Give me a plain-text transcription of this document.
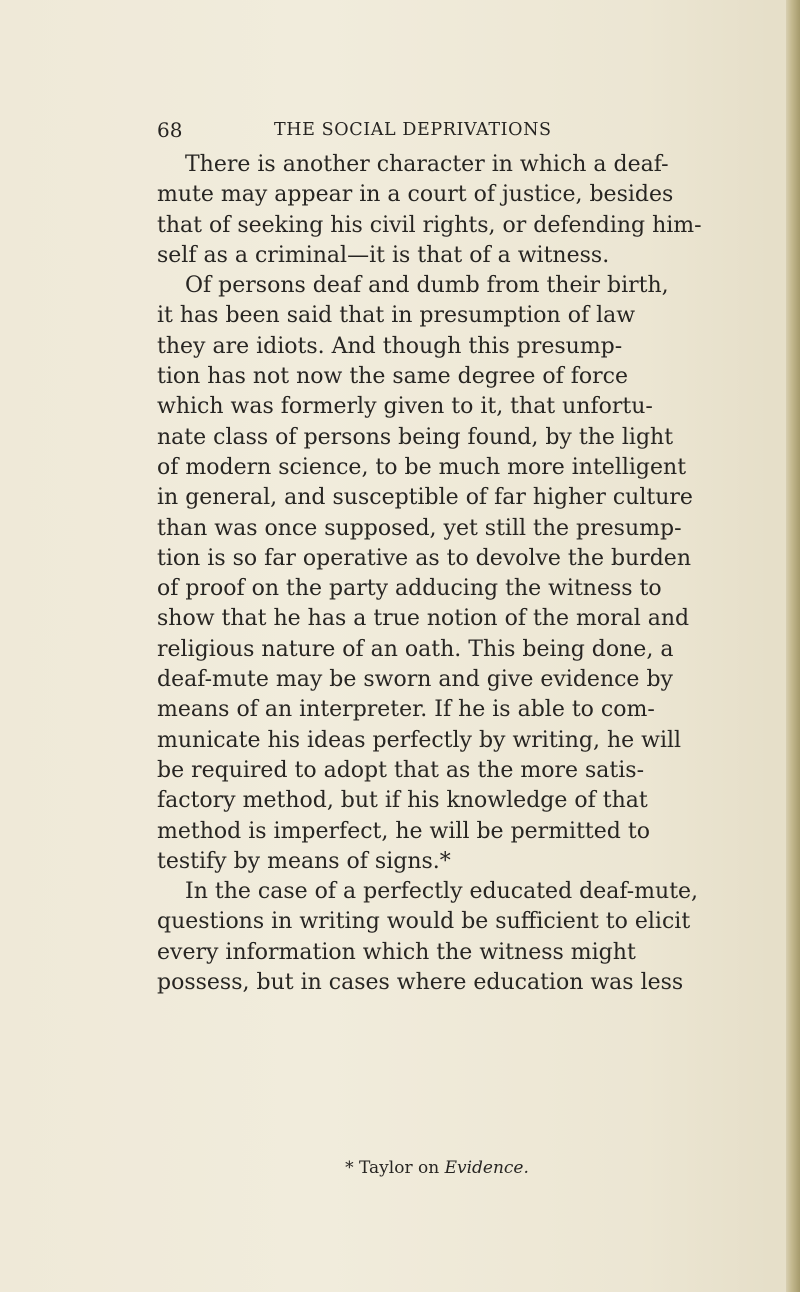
68	THE SOCIAL DEPRIVATIONS
There is another character in which a deaf-
mute may appear in a court of justice, besides
that of seeking his civil rights, or defending him-
self as a criminal—it is that of a witness.
Of persons deaf and dumb from their birth,
it has been said that in presumption of law
they are idiots. And though this presump-
tion has not now the same degree of force
which was formerly given to it, that unfortu-
nate class of persons being found, by the light
of modern science, to be much more intelligent
in general, and susceptible of far higher culture
than was once supposed, yet still the presump-
tion is so far operative as to devolve the burden
of proof on the party adducing the witness to
show that he has a true notion of the moral and
religious nature of an oath. This being done, a
deaf-mute may be sworn and give evidence by
means of an interpreter. If he is able to com-
municate his ideas perfectly by writing, he will
be required to adopt that as the more satis-
factory method, but if his knowledge of that
method is imperfect, he will be permitted to
testify by means of signs.*
In the case of a perfectly educated deaf-mute,
questions in writing would be sufficient to elicit
every information which the witness might
possess, but in cases where education was less
* Taylor on Evidence.
